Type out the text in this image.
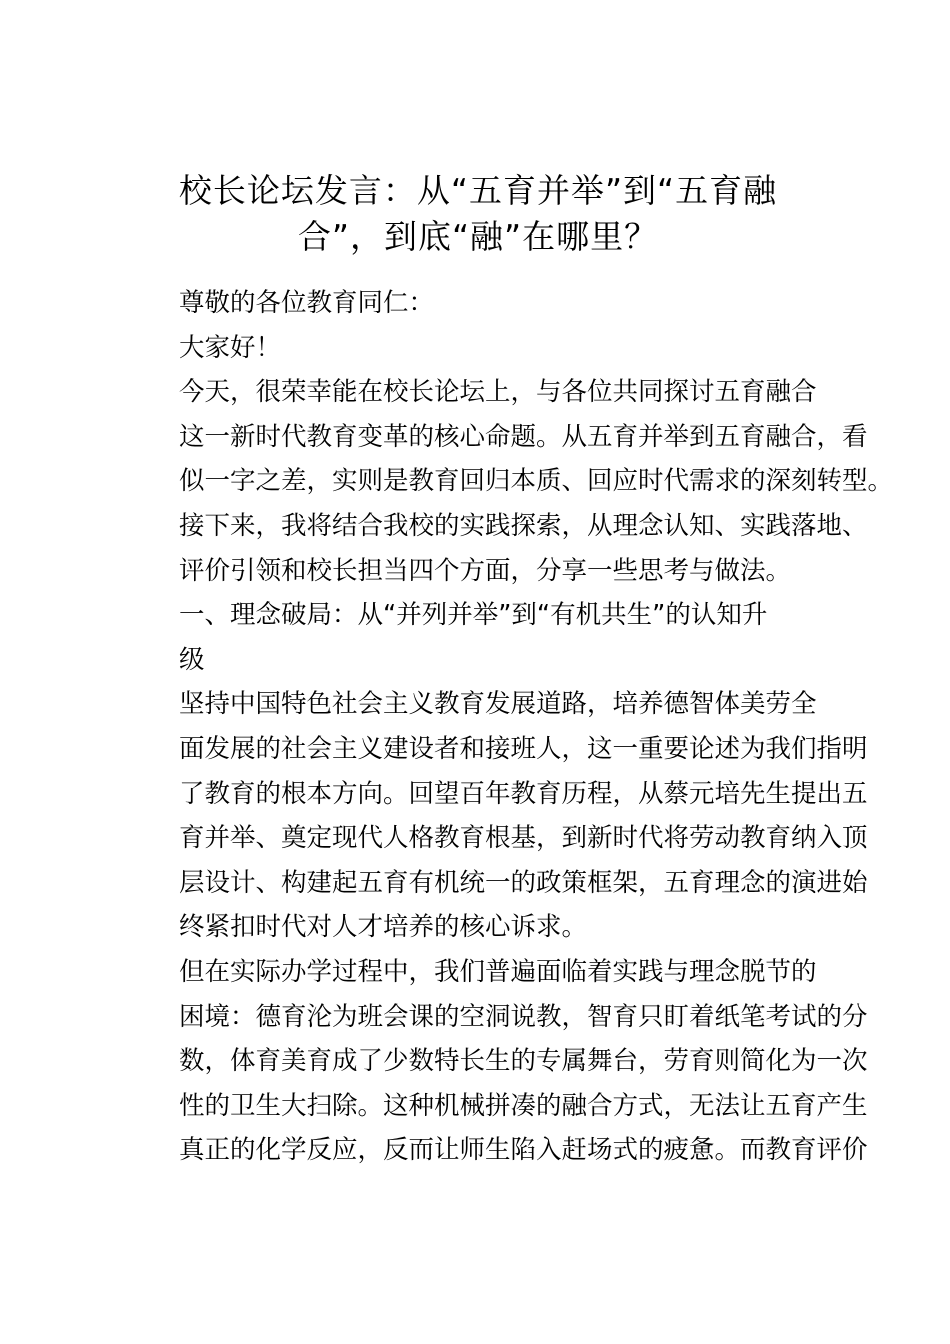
校长论坛发言：从“五育并举”到“五育融
合”，到底“融”在哪里？

尊敬的各位教育同仁：

大家好！

今天，很荣幸能在校长论坛上，与各位共同探讨五育融合
这一新时代教育变革的核心命题。从五育并举到五育融合，看
似一字之差，实则是教育回归本质、回应时代需求的深刻转型。
接下来，我将结合我校的实践探索，从理念认知、实践落地、
评价引领和校长担当四个方面，分享一些思考与做法。

一、理念破局：从“并列并举”到“有机共生”的认知升
级

坚持中国特色社会主义教育发展道路，培养德智体美劳全
面发展的社会主义建设者和接班人，这一重要论述为我们指明
了教育的根本方向。回望百年教育历程，从蔡元培先生提出五
育并举、奠定现代人格教育根基，到新时代将劳动教育纳入顶
层设计、构建起五育有机统一的政策框架，五育理念的演进始
终紧扣时代对人才培养的核心诉求。

但在实际办学过程中，我们普遍面临着实践与理念脱节的
困境：德育沦为班会课的空洞说教，智育只盯着纸笔考试的分
数，体育美育成了少数特长生的专属舞台，劳育则简化为一次
性的卫生大扫除。这种机械拼凑的融合方式，无法让五育产生
真正的化学反应，反而让师生陷入赶场式的疲惫。而教育评价
